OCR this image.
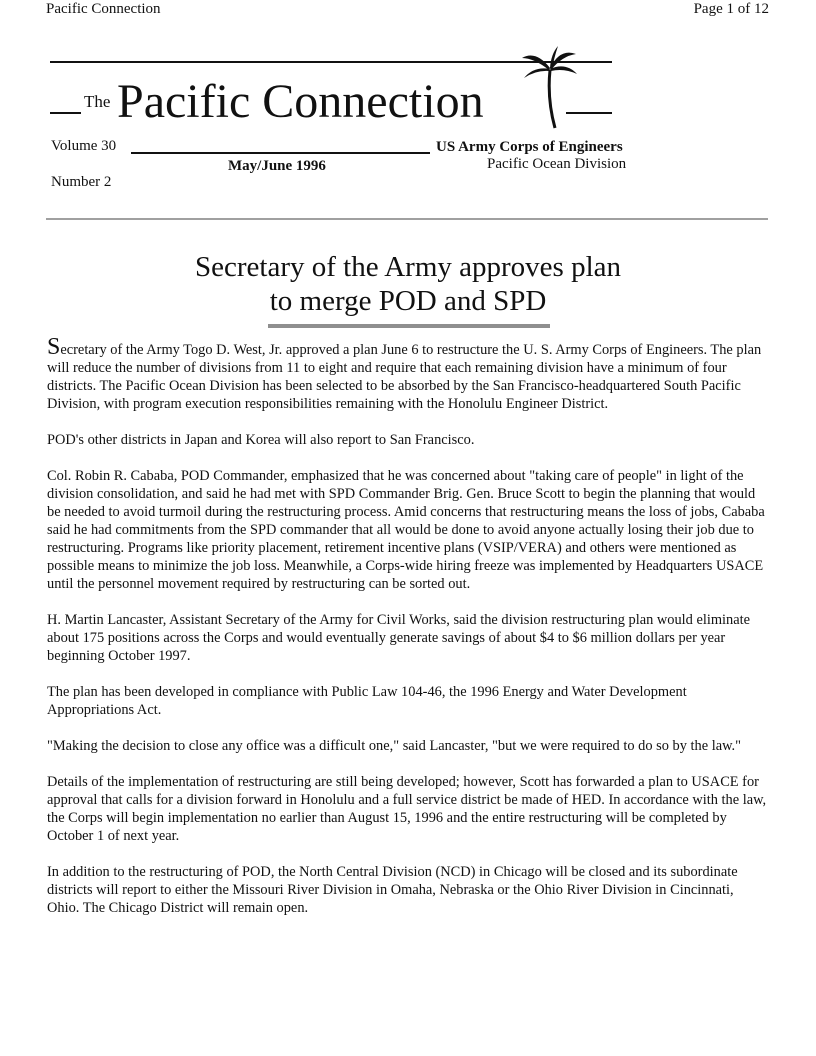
Pacific Connection	Page 1 of 12
The Pacific Connection
Volume 30
Number 2
May/June 1996
US Army Corps of Engineers
Pacific Ocean Division
Secretary of the Army approves plan
to merge POD and SPD

Secretary of the Army Togo D. West, Jr. approved a plan June 6 to restructure the U. S. Army Corps of Engineers. The plan will reduce the number of divisions from 11 to eight and require that each remaining division have a minimum of four districts. The Pacific Ocean Division has been selected to be absorbed by the San Francisco-headquartered South Pacific Division, with program execution responsibilities remaining with the Honolulu Engineer District.

POD's other districts in Japan and Korea will also report to San Francisco.

Col. Robin R. Cababa, POD Commander, emphasized that he was concerned about "taking care of people" in light of the division consolidation, and said he had met with SPD Commander Brig. Gen. Bruce Scott to begin the planning that would be needed to avoid turmoil during the restructuring process. Amid concerns that restructuring means the loss of jobs, Cababa said he had commitments from the SPD commander that all would be done to avoid anyone actually losing their job due to restructuring. Programs like priority placement, retirement incentive plans (VSIP/VERA) and others were mentioned as possible means to minimize the job loss. Meanwhile, a Corps-wide hiring freeze was implemented by Headquarters USACE until the personnel movement required by restructuring can be sorted out.

H. Martin Lancaster, Assistant Secretary of the Army for Civil Works, said the division restructuring plan would eliminate about 175 positions across the Corps and would eventually generate savings of about $4 to $6 million dollars per year beginning October 1997.

The plan has been developed in compliance with Public Law 104-46, the 1996 Energy and Water Development Appropriations Act.

"Making the decision to close any office was a difficult one," said Lancaster, "but we were required to do so by the law."

Details of the implementation of restructuring are still being developed; however, Scott has forwarded a plan to USACE for approval that calls for a division forward in Honolulu and a full service district be made of HED. In accordance with the law, the Corps will begin implementation no earlier than August 15, 1996 and the entire restructuring will be completed by October 1 of next year.

In addition to the restructuring of POD, the North Central Division (NCD) in Chicago will be closed and its subordinate districts will report to either the Missouri River Division in Omaha, Nebraska or the Ohio River Division in Cincinnati, Ohio. The Chicago District will remain open.
